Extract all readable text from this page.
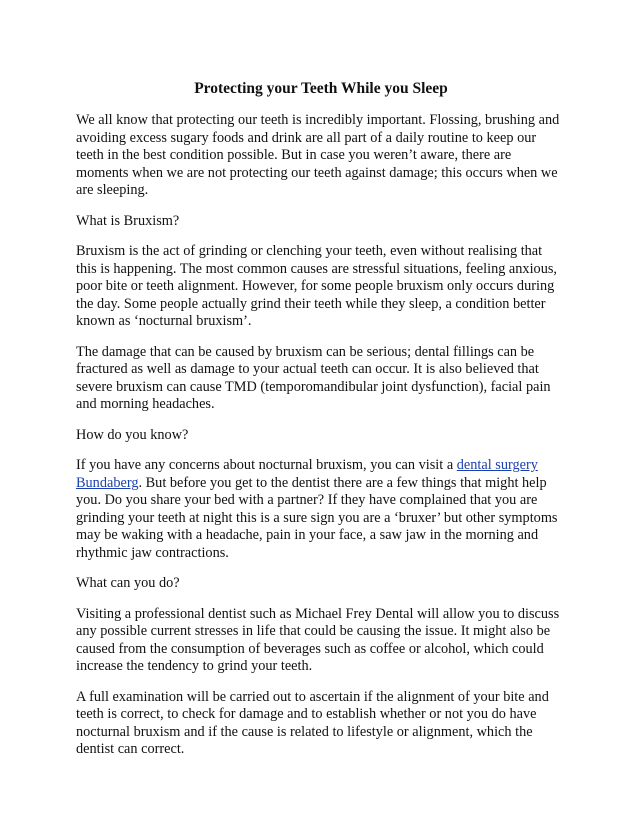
Protecting your Teeth While you Sleep

We all know that protecting our teeth is incredibly important. Flossing, brushing and avoiding excess sugary foods and drink are all part of a daily routine to keep our teeth in the best condition possible. But in case you weren’t aware, there are moments when we are not protecting our teeth against damage; this occurs when we are sleeping.

What is Bruxism?

Bruxism is the act of grinding or clenching your teeth, even without realising that this is happening. The most common causes are stressful situations, feeling anxious, poor bite or teeth alignment. However, for some people bruxism only occurs during the day. Some people actually grind their teeth while they sleep, a condition better known as ‘nocturnal bruxism’.

The damage that can be caused by bruxism can be serious; dental fillings can be fractured as well as damage to your actual teeth can occur. It is also believed that severe bruxism can cause TMD (temporomandibular joint dysfunction), facial pain and morning headaches.

How do you know?

If you have any concerns about nocturnal bruxism, you can visit a dental surgery Bundaberg. But before you get to the dentist there are a few things that might help you. Do you share your bed with a partner? If they have complained that you are grinding your teeth at night this is a sure sign you are a ‘bruxer’ but other symptoms may be waking with a headache, pain in your face, a saw jaw in the morning and rhythmic jaw contractions.

What can you do?

Visiting a professional dentist such as Michael Frey Dental will allow you to discuss any possible current stresses in life that could be causing the issue. It might also be caused from the consumption of beverages such as coffee or alcohol, which could increase the tendency to grind your teeth.

A full examination will be carried out to ascertain if the alignment of your bite and teeth is correct, to check for damage and to establish whether or not you do have nocturnal bruxism and if the cause is related to lifestyle or alignment, which the dentist can correct.
